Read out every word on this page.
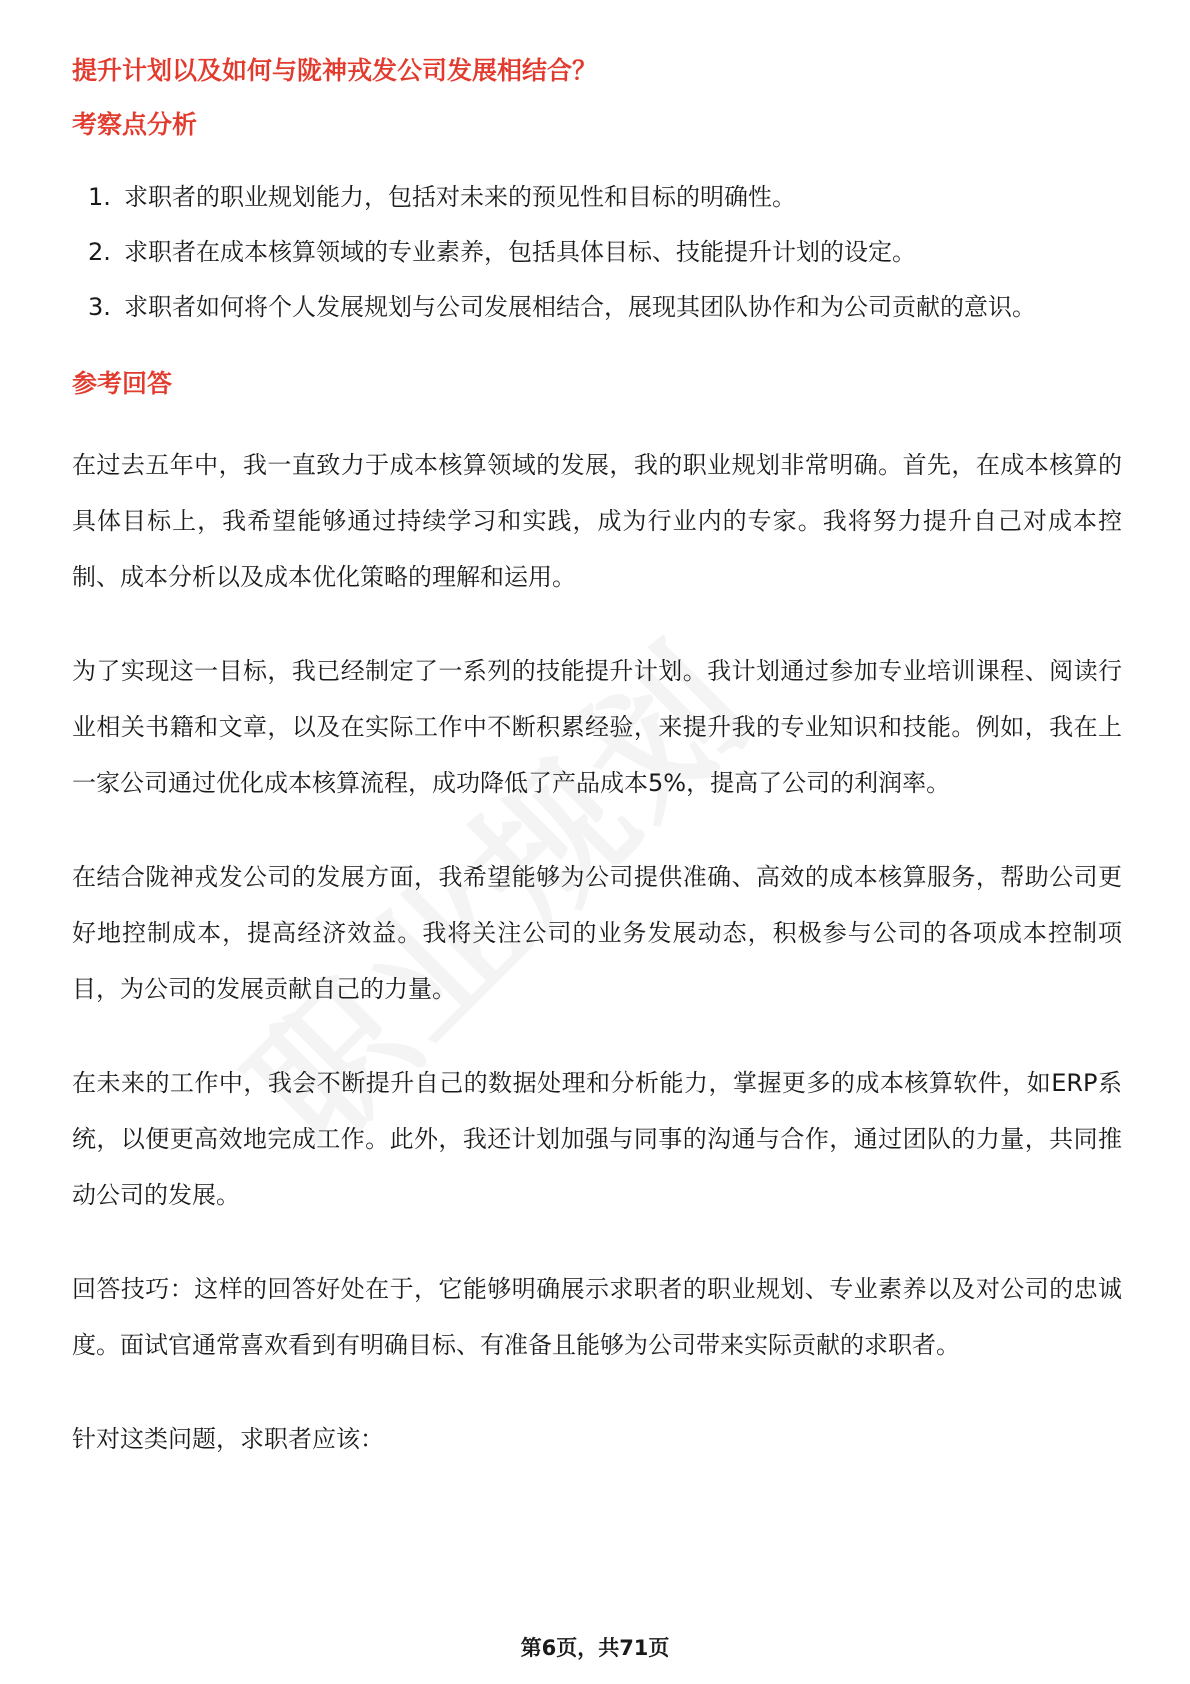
提升计划以及如何与陇神戎发公司发展相结合？
考察点分析
1. 求职者的职业规划能力，包括对未来的预见性和目标的明确性。
2. 求职者在成本核算领域的专业素养，包括具体目标、技能提升计划的设定。
3. 求职者如何将个人发展规划与公司发展相结合，展现其团队协作和为公司贡献的意识。
参考回答

在过去五年中，我一直致力于成本核算领域的发展，我的职业规划非常明确。首先，在成本核算的具体目标上，我希望能够通过持续学习和实践，成为行业内的专家。我将努力提升自己对成本控制、成本分析以及成本优化策略的理解和运用。

为了实现这一目标，我已经制定了一系列的技能提升计划。我计划通过参加专业培训课程、阅读行业相关书籍和文章，以及在实际工作中不断积累经验，来提升我的专业知识和技能。例如，我在上一家公司通过优化成本核算流程，成功降低了产品成本5%，提高了公司的利润率。

在结合陇神戎发公司的发展方面，我希望能够为公司提供准确、高效的成本核算服务，帮助公司更好地控制成本，提高经济效益。我将关注公司的业务发展动态，积极参与公司的各项成本控制项目，为公司的发展贡献自己的力量。

在未来的工作中，我会不断提升自己的数据处理和分析能力，掌握更多的成本核算软件，如ERP系统，以便更高效地完成工作。此外，我还计划加强与同事的沟通与合作，通过团队的力量，共同推动公司的发展。

回答技巧：这样的回答好处在于，它能够明确展示求职者的职业规划、专业素养以及对公司的忠诚度。面试官通常喜欢看到有明确目标、有准备且能够为公司带来实际贡献的求职者。

针对这类问题，求职者应该：

第6页，共71页
